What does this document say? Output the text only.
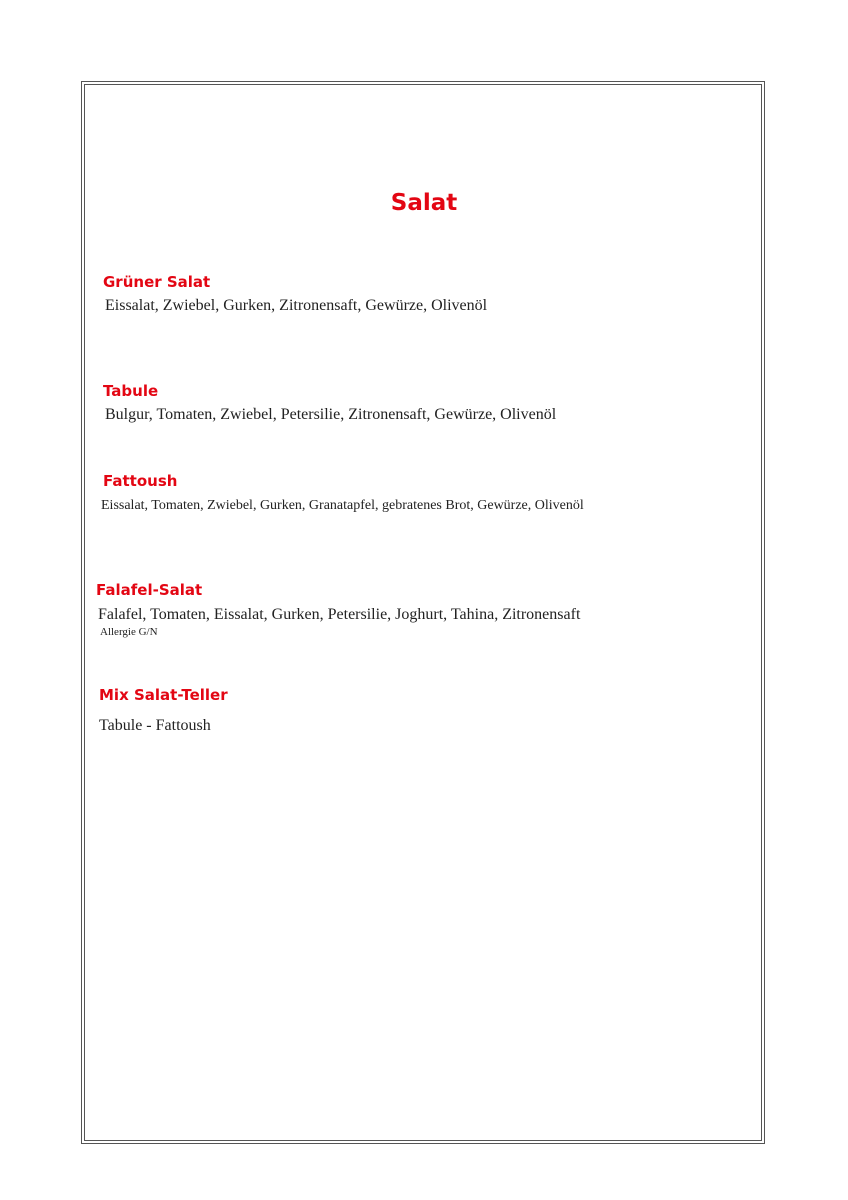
Salat
Grüner Salat
Eissalat, Zwiebel, Gurken, Zitronensaft, Gewürze, Olivenöl
Tabule
Bulgur, Tomaten, Zwiebel, Petersilie, Zitronensaft, Gewürze, Olivenöl
Fattoush
Eissalat, Tomaten, Zwiebel, Gurken, Granatapfel, gebratenes Brot, Gewürze, Olivenöl
Falafel-Salat
Falafel, Tomaten, Eissalat, Gurken, Petersilie, Joghurt, Tahina, Zitronensaft
Allergie G/N
Mix Salat-Teller
Tabule - Fattoush
